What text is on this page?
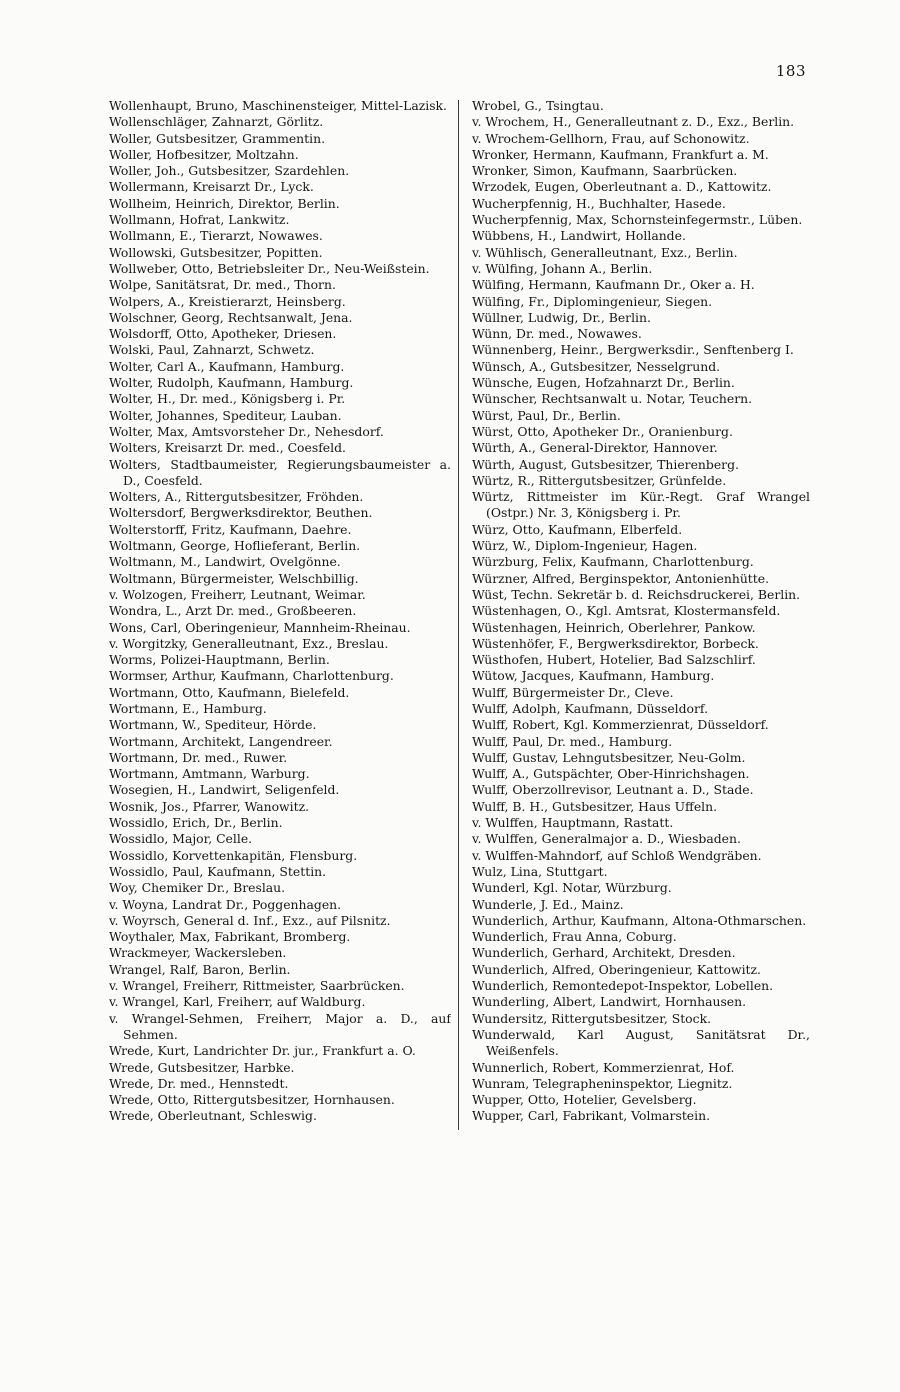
183
Wollenhaupt, Bruno, Maschinensteiger, Mittel-Lazisk.
Wollenschläger, Zahnarzt, Görlitz.
Woller, Gutsbesitzer, Grammentin.
Woller, Hofbesitzer, Moltzahn.
Woller, Joh., Gutsbesitzer, Szardehlen.
Wollermann, Kreisarzt Dr., Lyck.
Wollheim, Heinrich, Direktor, Berlin.
Wollmann, Hofrat, Lankwitz.
Wollmann, E., Tierarzt, Nowawes.
Wollowski, Gutsbesitzer, Popitten.
Wollweber, Otto, Betriebsleiter Dr., Neu-Weißstein.
Wolpe, Sanitätsrat, Dr. med., Thorn.
Wolpers, A., Kreistierarzt, Heinsberg.
Wolschner, Georg, Rechtsanwalt, Jena.
Wolsdorff, Otto, Apotheker, Driesen.
Wolski, Paul, Zahnarzt, Schwetz.
Wolter, Carl A., Kaufmann, Hamburg.
Wolter, Rudolph, Kaufmann, Hamburg.
Wolter, H., Dr. med., Königsberg i. Pr.
Wolter, Johannes, Spediteur, Lauban.
Wolter, Max, Amtsvorsteher Dr., Nehesdorf.
Wolters, Kreisarzt Dr. med., Coesfeld.
Wolters, Stadtbaumeister, Regierungsbaumeister a. D., Coesfeld.
Wolters, A., Rittergutsbesitzer, Fröhden.
Woltersdorf, Bergwerksdirektor, Beuthen.
Wolterstorff, Fritz, Kaufmann, Daehre.
Woltmann, George, Hoflieferant, Berlin.
Woltmann, M., Landwirt, Ovelgönne.
Woltmann, Bürgermeister, Welschbillig.
v. Wolzogen, Freiherr, Leutnant, Weimar.
Wondra, L., Arzt Dr. med., Großbeeren.
Wons, Carl, Oberingenieur, Mannheim-Rheinau.
v. Worgitzky, Generalleutnant, Exz., Breslau.
Worms, Polizei-Hauptmann, Berlin.
Wormser, Arthur, Kaufmann, Charlottenburg.
Wortmann, Otto, Kaufmann, Bielefeld.
Wortmann, E., Hamburg.
Wortmann, W., Spediteur, Hörde.
Wortmann, Architekt, Langendreer.
Wortmann, Dr. med., Ruwer.
Wortmann, Amtmann, Warburg.
Wosegien, H., Landwirt, Seligenfeld.
Wosnik, Jos., Pfarrer, Wanowitz.
Wossidlo, Erich, Dr., Berlin.
Wossidlo, Major, Celle.
Wossidlo, Korvettenkapitän, Flensburg.
Wossidlo, Paul, Kaufmann, Stettin.
Woy, Chemiker Dr., Breslau.
v. Woyna, Landrat Dr., Poggenhagen.
v. Woyrsch, General d. Inf., Exz., auf Pilsnitz.
Woythaler, Max, Fabrikant, Bromberg.
Wrackmeyer, Wackersleben.
Wrangel, Ralf, Baron, Berlin.
v. Wrangel, Freiherr, Rittmeister, Saarbrücken.
v. Wrangel, Karl, Freiherr, auf Waldburg.
v. Wrangel-Sehmen, Freiherr, Major a. D., auf Sehmen.
Wrede, Kurt, Landrichter Dr. jur., Frankfurt a. O.
Wrede, Gutsbesitzer, Harbke.
Wrede, Dr. med., Hennstedt.
Wrede, Otto, Rittergutsbesitzer, Hornhausen.
Wrede, Oberleutnant, Schleswig.
Wrobel, G., Tsingtau.
v. Wrochem, H., Generalleutnant z. D., Exz., Berlin.
v. Wrochem-Gellhorn, Frau, auf Schonowitz.
Wronker, Hermann, Kaufmann, Frankfurt a. M.
Wronker, Simon, Kaufmann, Saarbrücken.
Wrzodek, Eugen, Oberleutnant a. D., Kattowitz.
Wucherpfennig, H., Buchhalter, Hasede.
Wucherpfennig, Max, Schornsteinfegermstr., Lüben.
Wübbens, H., Landwirt, Hollande.
v. Wühlisch, Generalleutnant, Exz., Berlin.
v. Wülfing, Johann A., Berlin.
Wülfing, Hermann, Kaufmann Dr., Oker a. H.
Wülfing, Fr., Diplomingenieur, Siegen.
Wüllner, Ludwig, Dr., Berlin.
Wünn, Dr. med., Nowawes.
Wünnenberg, Heinr., Bergwerksdir., Senftenberg I.
Wünsch, A., Gutsbesitzer, Nesselgrund.
Wünsche, Eugen, Hofzahnarzt Dr., Berlin.
Wünscher, Rechtsanwalt u. Notar, Teuchern.
Würst, Paul, Dr., Berlin.
Würst, Otto, Apotheker Dr., Oranienburg.
Würth, A., General-Direktor, Hannover.
Würth, August, Gutsbesitzer, Thierenberg.
Würtz, R., Rittergutsbesitzer, Grünfelde.
Würtz, Rittmeister im Kür.-Regt. Graf Wrangel (Ostpr.) Nr. 3, Königsberg i. Pr.
Würz, Otto, Kaufmann, Elberfeld.
Würz, W., Diplom-Ingenieur, Hagen.
Würzburg, Felix, Kaufmann, Charlottenburg.
Würzner, Alfred, Berginspektor, Antonienhütte.
Wüst, Techn. Sekretär b. d. Reichsdruckerei, Berlin.
Wüstenhagen, O., Kgl. Amtsrat, Klostermansfeld.
Wüstenhagen, Heinrich, Oberlehrer, Pankow.
Wüstenhöfer, F., Bergwerksdirektor, Borbeck.
Wüsthofen, Hubert, Hotelier, Bad Salzschlirf.
Wütow, Jacques, Kaufmann, Hamburg.
Wulff, Bürgermeister Dr., Cleve.
Wulff, Adolph, Kaufmann, Düsseldorf.
Wulff, Robert, Kgl. Kommerzienrat, Düsseldorf.
Wulff, Paul, Dr. med., Hamburg.
Wulff, Gustav, Lehngutsbesitzer, Neu-Golm.
Wulff, A., Gutspächter, Ober-Hinrichshagen.
Wulff, Oberzollrevisor, Leutnant a. D., Stade.
Wulff, B. H., Gutsbesitzer, Haus Uffeln.
v. Wulffen, Hauptmann, Rastatt.
v. Wulffen, Generalmajor a. D., Wiesbaden.
v. Wulffen-Mahndorf, auf Schloß Wendgräben.
Wulz, Lina, Stuttgart.
Wunderl, Kgl. Notar, Würzburg.
Wunderle, J. Ed., Mainz.
Wunderlich, Arthur, Kaufmann, Altona-Othmarschen.
Wunderlich, Frau Anna, Coburg.
Wunderlich, Gerhard, Architekt, Dresden.
Wunderlich, Alfred, Oberingenieur, Kattowitz.
Wunderlich, Remontedepot-Inspektor, Lobellen.
Wunderling, Albert, Landwirt, Hornhausen.
Wundersitz, Rittergutsbesitzer, Stock.
Wunderwald, Karl August, Sanitätsrat Dr., Weißenfels.
Wunnerlich, Robert, Kommerzienrat, Hof.
Wunram, Telegrapheninspektor, Liegnitz.
Wupper, Otto, Hotelier, Gevelsberg.
Wupper, Carl, Fabrikant, Volmarstein.
